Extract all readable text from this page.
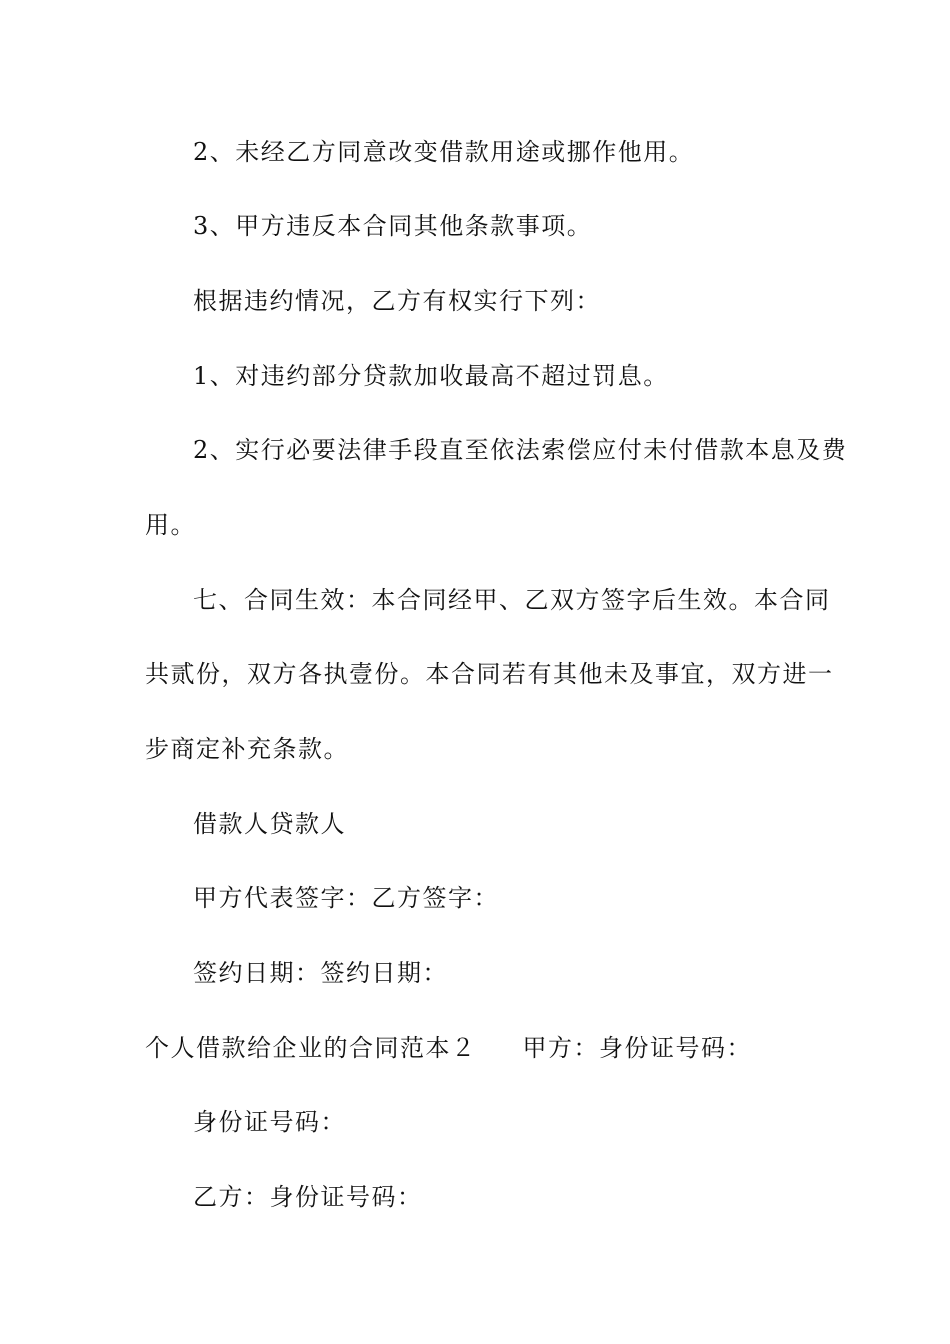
2、未经乙方同意改变借款用途或挪作他用。
3、甲方违反本合同其他条款事项。
根据违约情况，乙方有权实行下列：
1、对违约部分贷款加收最高不超过罚息。
2、实行必要法律手段直至依法索偿应付未付借款本息及费
用。
七、合同生效：本合同经甲、乙双方签字后生效。本合同
共贰份，双方各执壹份。本合同若有其他未及事宜，双方进一
步商定补充条款。
借款人贷款人
甲方代表签字：乙方签字：
签约日期：签约日期：
个人借款给企业的合同范本２ 甲方：身份证号码：
身份证号码：
乙方：身份证号码：
